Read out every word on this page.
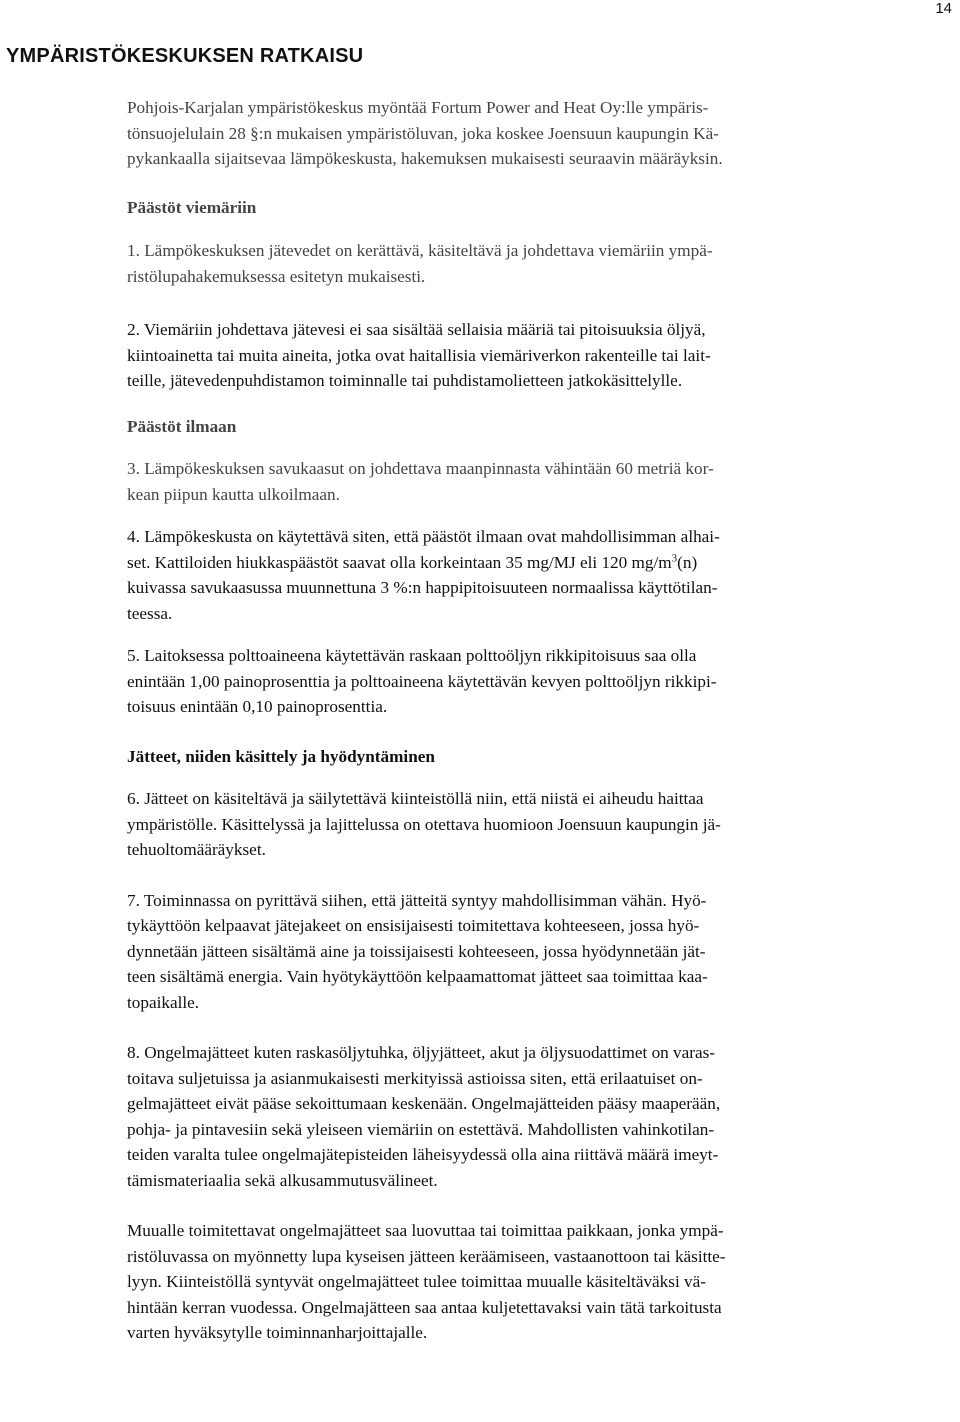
14
YMPÄRISTÖKESKUKSEN RATKAISU
Pohjois-Karjalan ympäristökeskus myöntää Fortum Power and Heat Oy:lle ympäris-
tönsuojelulain 28 §:n mukaisen ympäristöluvan, joka koskee Joensuun kaupungin Kä-
pykankaalla sijaitsevaa lämpökeskusta, hakemuksen mukaisesti seuraavin määräyksin.
Päästöt viemäriin
1. Lämpökeskuksen jätevedet on kerättävä, käsiteltävä ja johdettava viemäriin ympä-
ristölupahakemuksessa esitetyn mukaisesti.
2. Viemäriin johdettava jätevesi ei saa sisältää sellaisia määriä tai pitoisuuksia öljyä,
kiintoainetta tai muita aineita, jotka ovat haitallisia viemäriverkon rakenteille tai lait-
teille, jätevedenpuhdistamon toiminnalle tai puhdistamolietteen jatkokäsittelylle.
Päästöt ilmaan
3. Lämpökeskuksen savukaasut on johdettava maanpinnasta vähintään 60 metriä kor-
kean piipun kautta ulkoilmaan.
4. Lämpökeskusta on käytettävä siten, että päästöt ilmaan ovat mahdollisimman alhai-
set. Kattiloiden hiukkaspäästöt saavat olla korkeintaan 35 mg/MJ eli 120 $mg/m^3(n)$
kuivassa savukaasussa muunnettuna 3 %:n happipitoisuuteen normaalissa käyttötilan-
teessa.
5. Laitoksessa polttoaineena käytettävän raskaan polttoöljyn rikkipitoisuus saa olla
enintään 1,00 painoprosenttia ja polttoaineena käytettävän kevyen polttoöljyn rikkipi-
toisuus enintään 0,10 painoprosenttia.
Jätteet, niiden käsittely ja hyödyntäminen
6. Jätteet on käsiteltävä ja säilytettävä kiinteistöllä niin, että niistä ei aiheudu haittaa
ympäristölle. Käsittelyssä ja lajittelussa on otettava huomioon Joensuun kaupungin jä-
tehuoltomääräykset.
7. Toiminnassa on pyrittävä siihen, että jätteitä syntyy mahdollisimman vähän. Hyö-
tykäyttöön kelpaavat jätejakeet on ensisijaisesti toimitettava kohteeseen, jossa hyö-
dynnetään jätteen sisältämä aine ja toissijaisesti kohteeseen, jossa hyödynnetään jät-
teen sisältämä energia. Vain hyötykäyttöön kelpaamattomat jätteet saa toimittaa kaa-
topaikalle.
8. Ongelmajätteet kuten raskasöljytuhka, öljyjätteet, akut ja öljysuodattimet on varas-
toitava suljetuissa ja asianmukaisesti merkityissä astioissa siten, että erilaatuiset on-
gelmajätteet eivät pääse sekoittumaan keskenään. Ongelmajätteiden pääsy maaperään,
pohja- ja pintavesiin sekä yleiseen viemäriin on estettävä. Mahdollisten vahinkotilan-
teiden varalta tulee ongelmajätepisteiden läheisyydessä olla aina riittävä määrä imeyt-
tämismateriaalia sekä alkusammutusvälineet.
Muualle toimitettavat ongelmajätteet saa luovuttaa tai toimittaa paikkaan, jonka ympä-
ristöluvassa on myönnetty lupa kyseisen jätteen keräämiseen, vastaanottoon tai käsitte-
lyyn. Kiinteistöllä syntyvät ongelmajätteet tulee toimittaa muualle käsiteltäväksi vä-
hintään kerran vuodessa. Ongelmajätteen saa antaa kuljetettavaksi vain tätä tarkoitusta
varten hyväksytylle toiminnanharjoittajalle.
